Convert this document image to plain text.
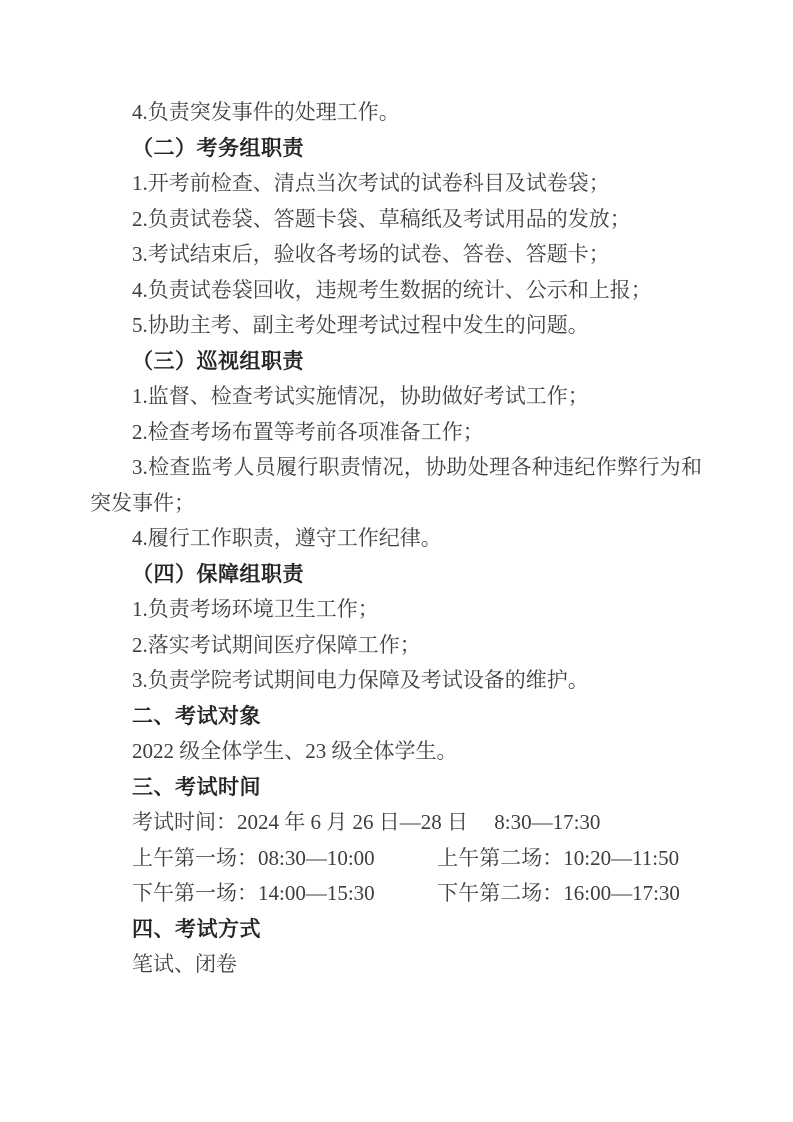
4.负责突发事件的处理工作。

（二）考务组职责

1.开考前检查、清点当次考试的试卷科目及试卷袋；

2.负责试卷袋、答题卡袋、草稿纸及考试用品的发放；

3.考试结束后，验收各考场的试卷、答卷、答题卡；

4.负责试卷袋回收，违规考生数据的统计、公示和上报；

5.协助主考、副主考处理考试过程中发生的问题。

（三）巡视组职责

1.监督、检查考试实施情况，协助做好考试工作；

2.检查考场布置等考前各项准备工作；

3.检查监考人员履行职责情况，协助处理各种违纪作弊行为和突发事件；

4.履行工作职责，遵守工作纪律。

（四）保障组职责

1.负责考场环境卫生工作；

2.落实考试期间医疗保障工作；

3.负责学院考试期间电力保障及考试设备的维护。

二、考试对象

2022 级全体学生、23 级全体学生。

三、考试时间

考试时间：2024 年 6 月 26 日—28 日　 8:30—17:30

上午第一场：08:30—10:00	上午第二场：10:20—11:50

下午第一场：14:00—15:30	下午第二场：16:00—17:30

四、考试方式

笔试、闭卷
